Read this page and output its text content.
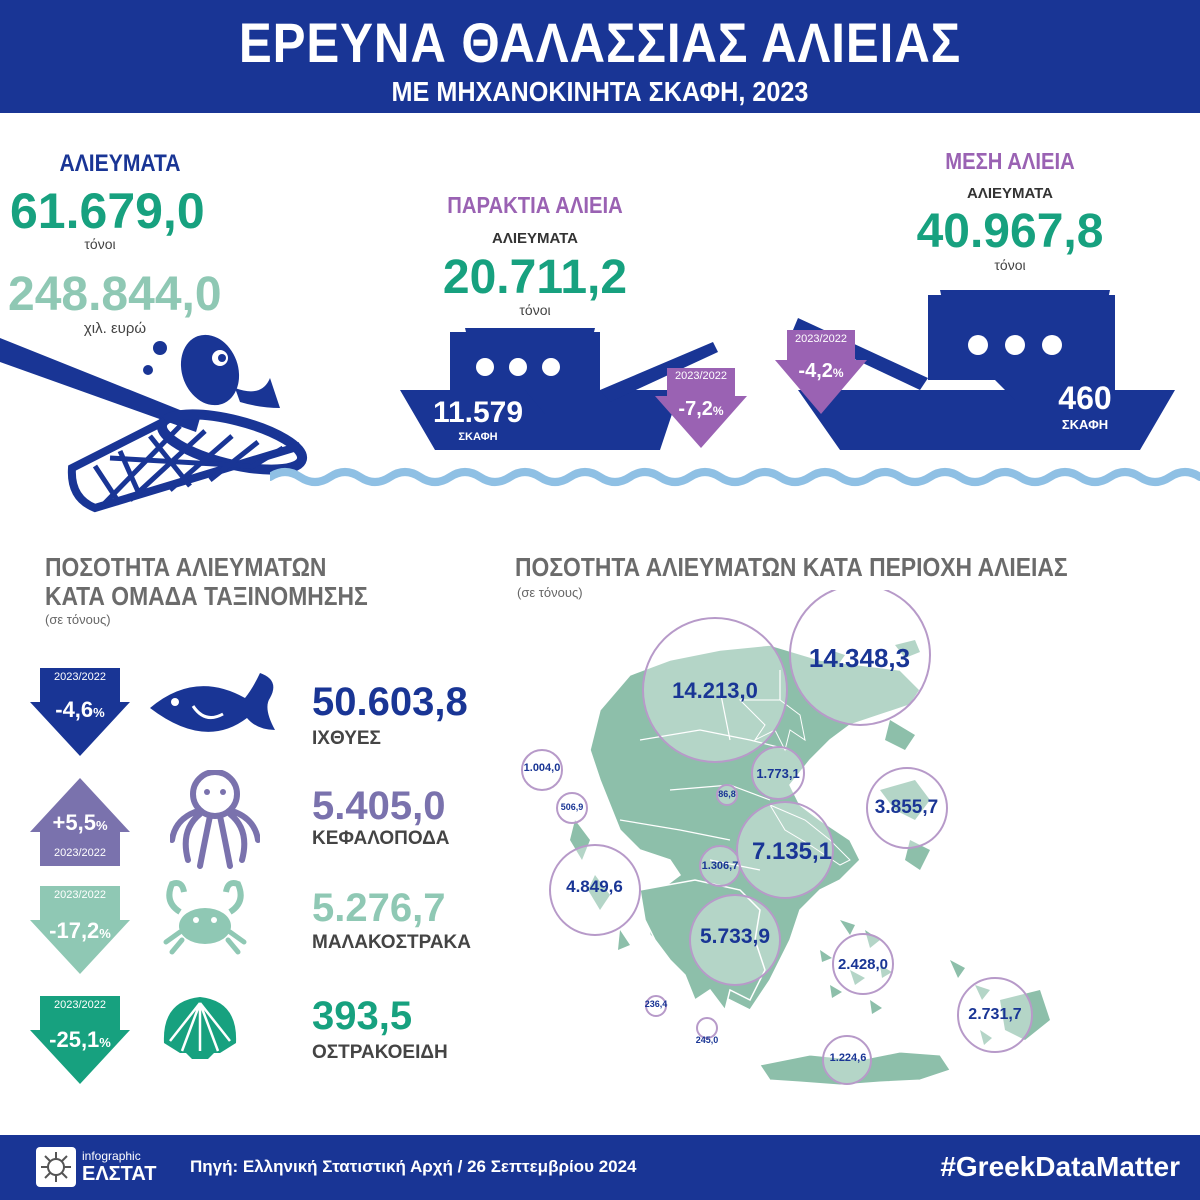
ΕΡΕΥΝΑ ΘΑΛΑΣΣΙΑΣ ΑΛΙΕΙΑΣ
ΜΕ ΜΗΧΑΝΟΚΙΝΗΤΑ ΣΚΑΦΗ, 2023
ΑΛΙΕΥΜΑΤΑ
61.679,0
τόνοι
248.844,0
χιλ. ευρώ
ΠΑΡΑΚΤΙΑ ΑΛΙΕΙΑ
ΑΛΙΕΥΜΑΤΑ
20.711,2
τόνοι
11.579
ΣΚΑΦΗ
2023/2022
-7,2%
ΜΕΣΗ ΑΛΙΕΙΑ
ΑΛΙΕΥΜΑΤΑ
40.967,8
τόνοι
460
ΣΚΑΦΗ
2023/2022
-4,2%
ΠΟΣΟΤΗΤΑ ΑΛΙΕΥΜΑΤΩΝ
ΚΑΤΑ ΟΜΑΔΑ ΤΑΞΙΝΟΜΗΣΗΣ
(σε τόνους)
2023/2022
-4,6%	50.603,8
ΙΧΘΥΕΣ
+5,5%
2023/2022
5.405,0
ΚΕΦΑΛΟΠΟΔΑ
2023/2022
-17,2%
5.276,7
ΜΑΛΑΚΟΣΤΡΑΚΑ
2023/2022
-25,1%
393,5
ΟΣΤΡΑΚΟΕΙΔΗ
ΠΟΣΟΤΗΤΑ ΑΛΙΕΥΜΑΤΩΝ ΚΑΤΑ ΠΕΡΙΟΧΗ ΑΛΙΕΙΑΣ
(σε τόνους)
14.213,0
14.348,3
1.004,0
506,9
1.773,1
86,8
3.855,7
1.306,7
7.135,1
4.849,6
5.733,9
2.428,0
236,4
245,0
2.731,7
1.224,6
infographic
ΕΛΣΤΑΤ Πηγή: Ελληνική Στατιστική Αρχή / 26 Σεπτεμβρίου 2024	#GreekDataMatter
